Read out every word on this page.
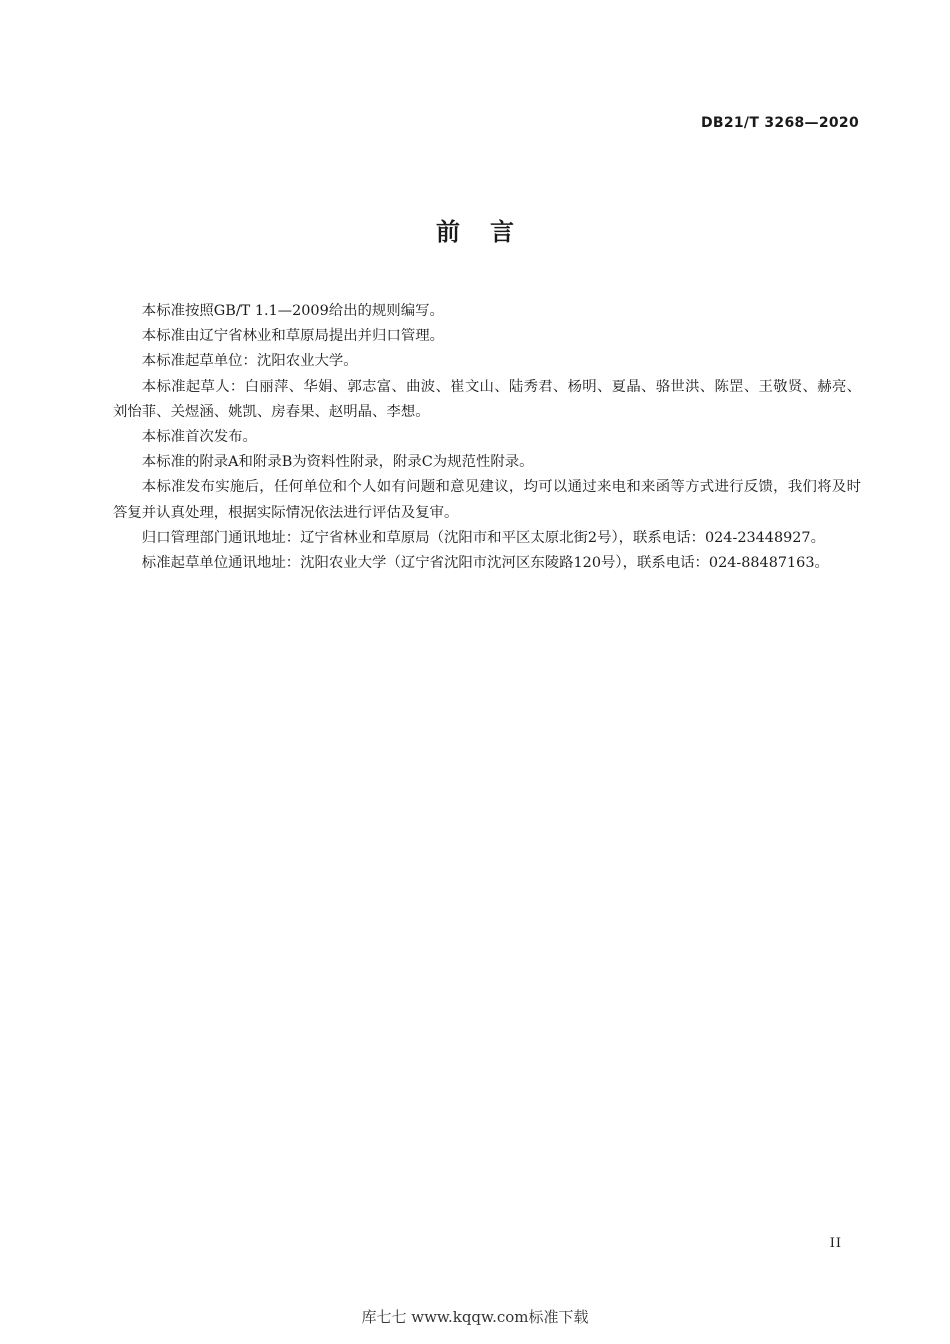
DB21/T 3268—2020
前言

本标准按照GB/T 1.1—2009给出的规则编写。

本标准由辽宁省林业和草原局提出并归口管理。

本标准起草单位：沈阳农业大学。

本标准起草人：白丽萍、华娟、郭志富、曲波、崔文山、陆秀君、杨明、夏晶、骆世洪、陈罡、王敬贤、赫亮、刘怡菲、关煜涵、姚凯、房春果、赵明晶、李想。

本标准首次发布。

本标准的附录A和附录B为资料性附录，附录C为规范性附录。

本标准发布实施后，任何单位和个人如有问题和意见建议，均可以通过来电和来函等方式进行反馈，我们将及时答复并认真处理，根据实际情况依法进行评估及复审。

归口管理部门通讯地址：辽宁省林业和草原局（沈阳市和平区太原北街2号），联系电话：024-23448927。

标准起草单位通讯地址：沈阳农业大学（辽宁省沈阳市沈河区东陵路120号），联系电话：024-88487163。

II
库七七 www.kqqw.com标准下载
